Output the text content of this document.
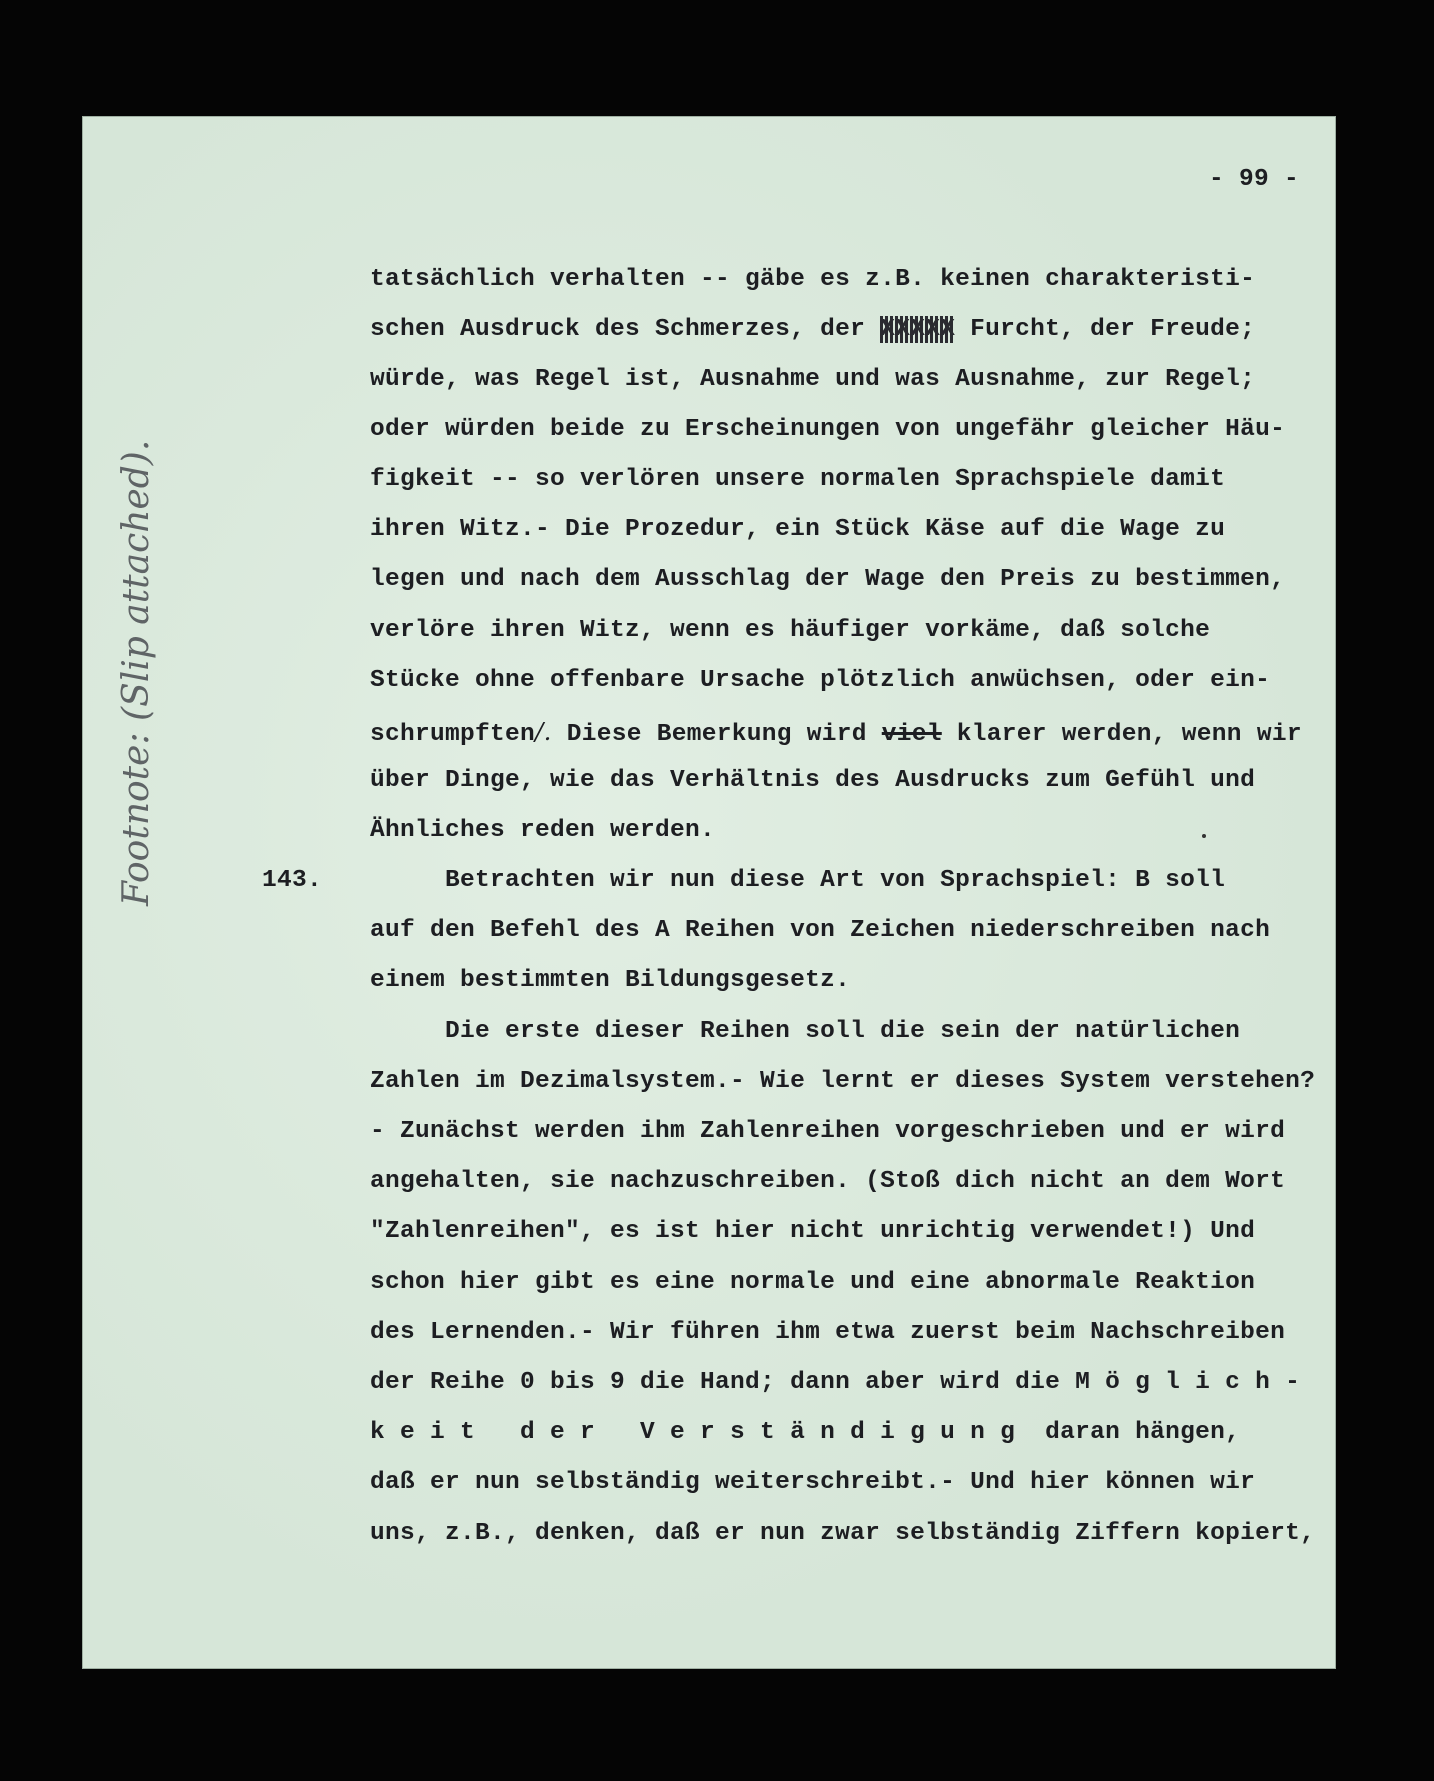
- 99 -
Footnote: (Slip attached).
tatsächlich verhalten -- gäbe es z.B. keinen charakteristi-
schen Ausdruck des Schmerzes, der XXXXX Furcht, der Freude;
würde, was Regel ist, Ausnahme und was Ausnahme, zur Regel;
oder würden beide zu Erscheinungen von ungefähr gleicher Häu-
figkeit -- so verlören unsere normalen Sprachspiele damit
ihren Witz.- Die Prozedur, ein Stück Käse auf die Wage zu
legen und nach dem Ausschlag der Wage den Preis zu bestimmen,
verlöre ihren Witz, wenn es häufiger vorkäme, daß solche
Stücke ohne offenbare Ursache plötzlich anwüchsen, oder ein-
schrumpften/. Diese Bemerkung wird viel klarer werden, wenn wir
über Dinge, wie das Verhältnis des Ausdrucks zum Gefühl und
Ähnliches reden werden.
143. Betrachten wir nun diese Art von Sprachspiel: B soll
auf den Befehl des A Reihen von Zeichen niederschreiben nach
einem bestimmten Bildungsgesetz.
Die erste dieser Reihen soll die sein der natürlichen
Zahlen im Dezimalsystem.- Wie lernt er dieses System verstehen?
- Zunächst werden ihm Zahlenreihen vorgeschrieben und er wird
angehalten, sie nachzuschreiben. (Stoß dich nicht an dem Wort
"Zahlenreihen", es ist hier nicht unrichtig verwendet!) Und
schon hier gibt es eine normale und eine abnormale Reaktion
des Lernenden.- Wir führen ihm etwa zuerst beim Nachschreiben
der Reihe 0 bis 9 die Hand; dann aber wird die M ö g l i c h -
k e i t   d e r   V e r s t ä n d i g u n g  daran hängen,
daß er nun selbständig weiterschreibt.- Und hier können wir
uns, z.B., denken, daß er nun zwar selbständig Ziffern kopiert,
